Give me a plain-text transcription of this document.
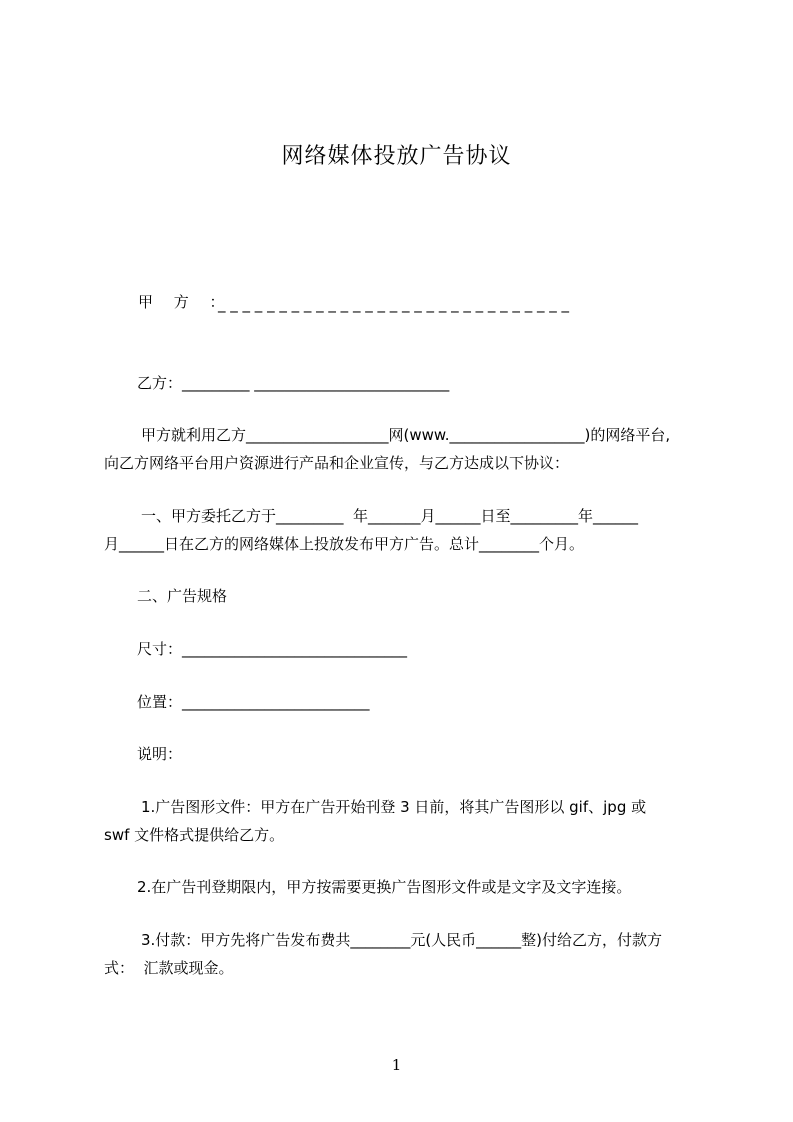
网络媒体投放广告协议
甲 方 ：
_ _ _ _ _ _ _ _ _ _ _ _ _ _ _ _ _ _ _ _ _ _ _ _ _ _ _ _ _
乙方：_________ __________________________
甲方就利用乙方___________________网(www.__________________)的网络平台,
向乙方网络平台用户资源进行产品和企业宣传，与乙方达成以下协议：
一、甲方委托乙方于_________  年_______月______日至_________年______
月______日在乙方的网络媒体上投放发布甲方广告。总计________个月。
二、广告规格
尺寸：______________________________
位置：_________________________
说明：
1.广告图形文件：甲方在广告开始刊登 3 日前，将其广告图形以 gif、jpg 或
swf 文件格式提供给乙方。
2.在广告刊登期限内，甲方按需要更换广告图形文件或是文字及文字连接。
3.付款：甲方先将广告发布费共________元(人民币______整)付给乙方，付款方
式：  汇款或现金。
1
